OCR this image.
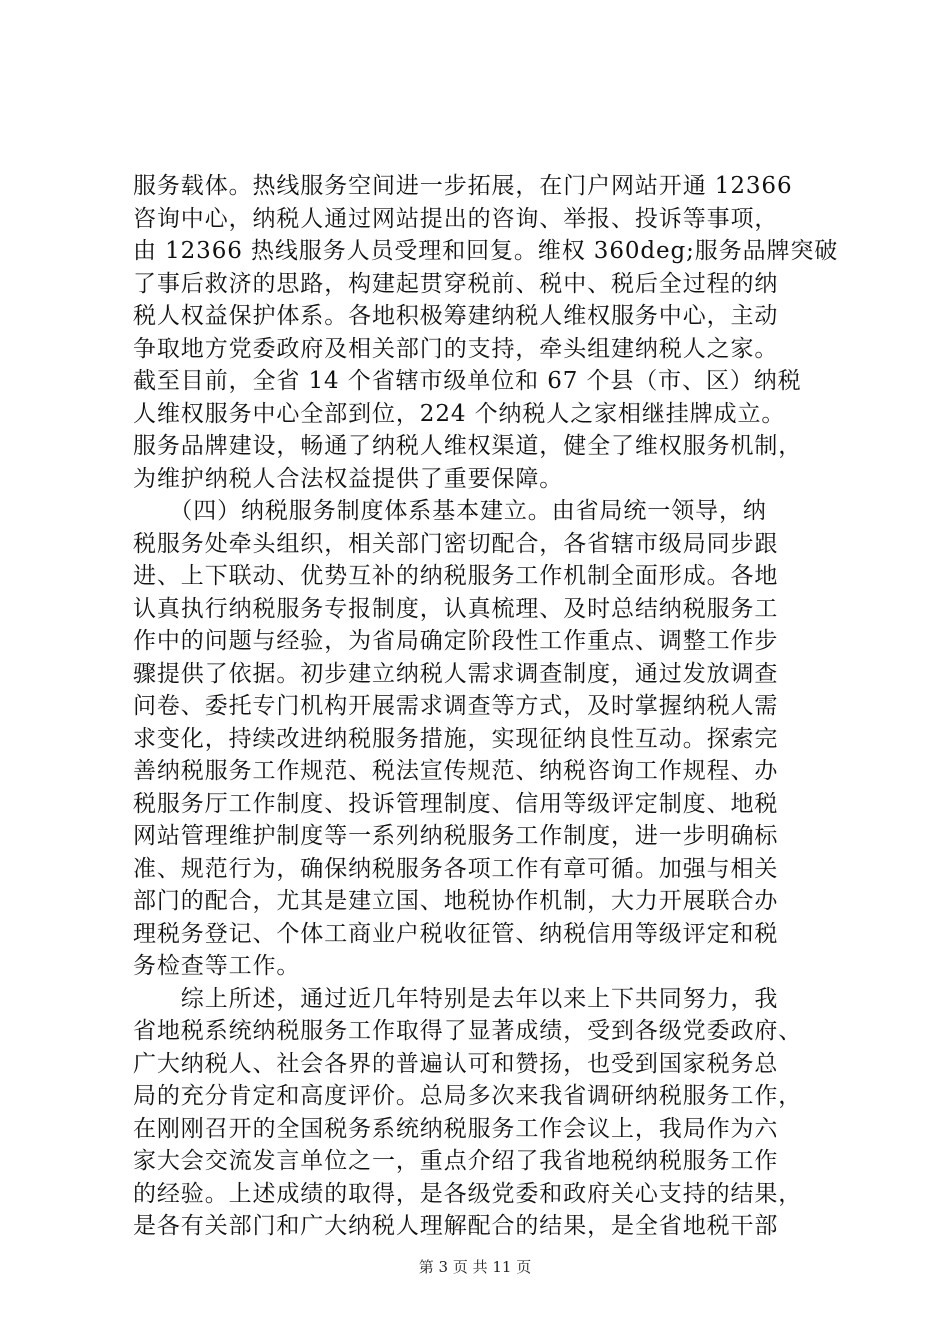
服务载体。热线服务空间进一步拓展，在门户网站开通 12366
咨询中心，纳税人通过网站提出的咨询、举报、投诉等事项，
由 12366 热线服务人员受理和回复。维权 360deg;服务品牌突破
了事后救济的思路，构建起贯穿税前、税中、税后全过程的纳
税人权益保护体系。各地积极筹建纳税人维权服务中心，主动
争取地方党委政府及相关部门的支持，牵头组建纳税人之家。
截至目前，全省 14 个省辖市级单位和 67 个县（市、区）纳税
人维权服务中心全部到位，224 个纳税人之家相继挂牌成立。
服务品牌建设，畅通了纳税人维权渠道，健全了维权服务机制，
为维护纳税人合法权益提供了重要保障。
　　（四）纳税服务制度体系基本建立。由省局统一领导，纳
税服务处牵头组织，相关部门密切配合，各省辖市级局同步跟
进、上下联动、优势互补的纳税服务工作机制全面形成。各地
认真执行纳税服务专报制度，认真梳理、及时总结纳税服务工
作中的问题与经验，为省局确定阶段性工作重点、调整工作步
骤提供了依据。初步建立纳税人需求调查制度，通过发放调查
问卷、委托专门机构开展需求调查等方式，及时掌握纳税人需
求变化，持续改进纳税服务措施，实现征纳良性互动。探索完
善纳税服务工作规范、税法宣传规范、纳税咨询工作规程、办
税服务厅工作制度、投诉管理制度、信用等级评定制度、地税
网站管理维护制度等一系列纳税服务工作制度，进一步明确标
准、规范行为，确保纳税服务各项工作有章可循。加强与相关
部门的配合，尤其是建立国、地税协作机制，大力开展联合办
理税务登记、个体工商业户税收征管、纳税信用等级评定和税
务检查等工作。
　　综上所述，通过近几年特别是去年以来上下共同努力，我
省地税系统纳税服务工作取得了显著成绩，受到各级党委政府、
广大纳税人、社会各界的普遍认可和赞扬，也受到国家税务总
局的充分肯定和高度评价。总局多次来我省调研纳税服务工作，
在刚刚召开的全国税务系统纳税服务工作会议上，我局作为六
家大会交流发言单位之一，重点介绍了我省地税纳税服务工作
的经验。上述成绩的取得，是各级党委和政府关心支持的结果，
是各有关部门和广大纳税人理解配合的结果，是全省地税干部
第 3 页 共 11 页
